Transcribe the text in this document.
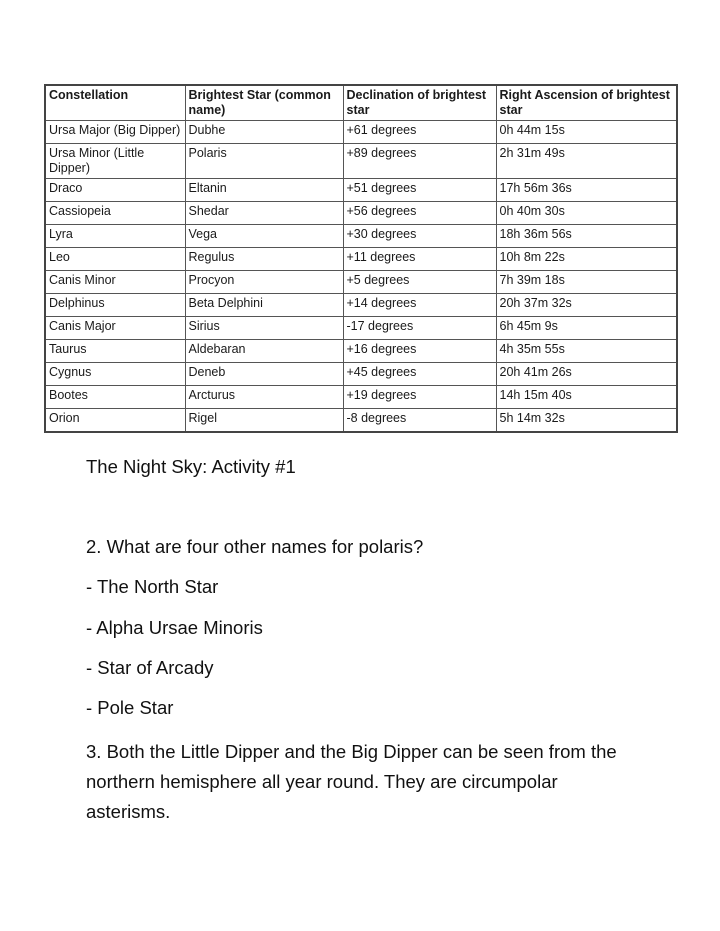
Constellation	Brightest Star (common name)	Declination of brightest star	Right Ascension of brightest star
Ursa Major (Big Dipper)	Dubhe	+61 degrees	0h 44m 15s
Ursa Minor (Little Dipper)	Polaris	+89 degrees	2h 31m 49s
Draco	Eltanin	+51 degrees	17h 56m 36s
Cassiopeia	Shedar	+56 degrees	0h 40m 30s
Lyra	Vega	+30 degrees	18h 36m 56s
Leo	Regulus	+11 degrees	10h 8m 22s
Canis Minor	Procyon	+5 degrees	7h 39m 18s
Delphinus	Beta Delphini	+14 degrees	20h 37m 32s
Canis Major	Sirius	-17 degrees	6h 45m 9s
Taurus	Aldebaran	+16 degrees	4h 35m 55s
Cygnus	Deneb	+45 degrees	20h 41m 26s
Bootes	Arcturus	+19 degrees	14h 15m 40s
Orion	Rigel	-8 degrees	5h 14m 32s
The Night Sky: Activity #1
2. What are four other names for polaris?
- The North Star
- Alpha Ursae Minoris
- Star of Arcady
- Pole Star
3. Both the Little Dipper and the Big Dipper can be seen from the northern hemisphere all year round. They are circumpolar asterisms.
